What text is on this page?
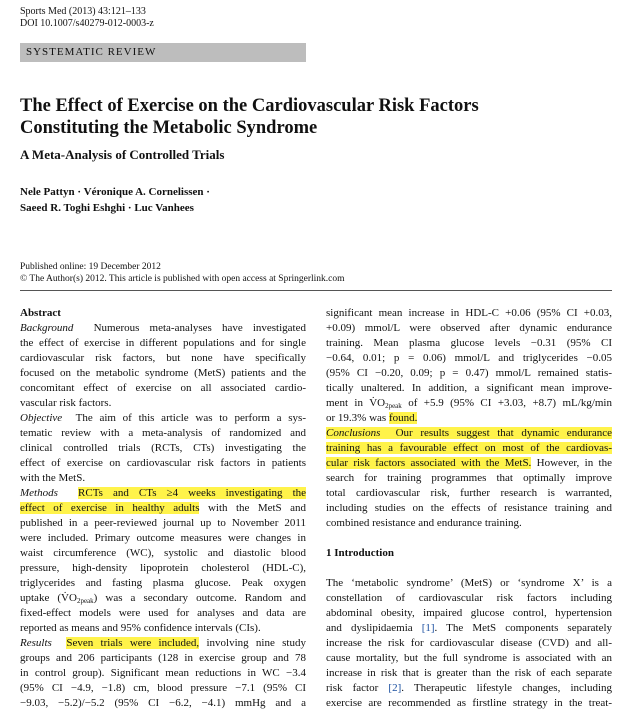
Sports Med (2013) 43:121–133
DOI 10.1007/s40279-012-0003-z
SYSTEMATIC REVIEW
The Effect of Exercise on the Cardiovascular Risk Factors
Constituting the Metabolic Syndrome
A Meta-Analysis of Controlled Trials
Nele Pattyn · Véronique A. Cornelissen ·
Saeed R. Toghi Eshghi · Luc Vanhees
Published online: 19 December 2012
© The Author(s) 2012. This article is published with open access at Springerlink.com
Abstract
Background Numerous meta-analyses have investigated
the effect of exercise in different populations and for single
cardiovascular risk factors, but none have specifically
focused on the metabolic syndrome (MetS) patients and the
concomitant effect of exercise on all associated cardio-
vascular risk factors.
Objective The aim of this article was to perform a sys-
tematic review with a meta-analysis of randomized and
clinical controlled trials (RCTs, CTs) investigating the
effect of exercise on cardiovascular risk factors in patients
with the MetS.
Methods RCTs and CTs ≥4 weeks investigating the
effect of exercise in healthy adults with the MetS and
published in a peer-reviewed journal up to November 2011
were included. Primary outcome measures were changes in
waist circumference (WC), systolic and diastolic blood
pressure, high-density lipoprotein cholesterol (HDL-C),
triglycerides and fasting plasma glucose. Peak oxygen
uptake $(V̇O_{2peak})$ was a secondary outcome. Random and
fixed-effect models were used for analyses and data are
reported as means and 95% confidence intervals (CIs).
Results Seven trials were included, involving nine study
groups and 206 participants (128 in exercise group and 78
in control group). Significant mean reductions in WC −3.4
(95% CI −4.9, −1.8) cm, blood pressure −7.1 (95% CI
−9.03, −5.2)/−5.2 (95% CI −6.2, −4.1) mmHg and a
significant mean increase in HDL-C +0.06 (95% CI +0.03,
+0.09) mmol/L were observed after dynamic endurance
training. Mean plasma glucose levels −0.31 (95% CI
−0.64, 0.01; p = 0.06) mmol/L and triglycerides −0.05
(95% CI −0.20, 0.09; p = 0.47) mmol/L remained statis-
tically unaltered. In addition, a significant mean improve-
ment in $V̇O_{2peak}$ of +5.9 (95% CI +3.03, +8.7) mL/kg/min
or 19.3% was found.
Conclusions Our results suggest that dynamic endurance
training has a favourable effect on most of the cardiovas-
cular risk factors associated with the MetS. However, in the
search for training programmes that optimally improve
total cardiovascular risk, further research is warranted,
including studies on the effects of resistance training and
combined resistance and endurance training.
1 Introduction
The ‘metabolic syndrome’ (MetS) or ‘syndrome X’ is a
constellation of cardiovascular risk factors including
abdominal obesity, impaired glucose control, hypertension
and dyslipidaemia [1]. The MetS components separately
increase the risk for cardiovascular disease (CVD) and all-
cause mortality, but the full syndrome is associated with an
increase in risk that is greater than the risk of each separate
risk factor [2]. Therapeutic lifestyle changes, including
exercise are recommended as firstline strategy in the treat-
